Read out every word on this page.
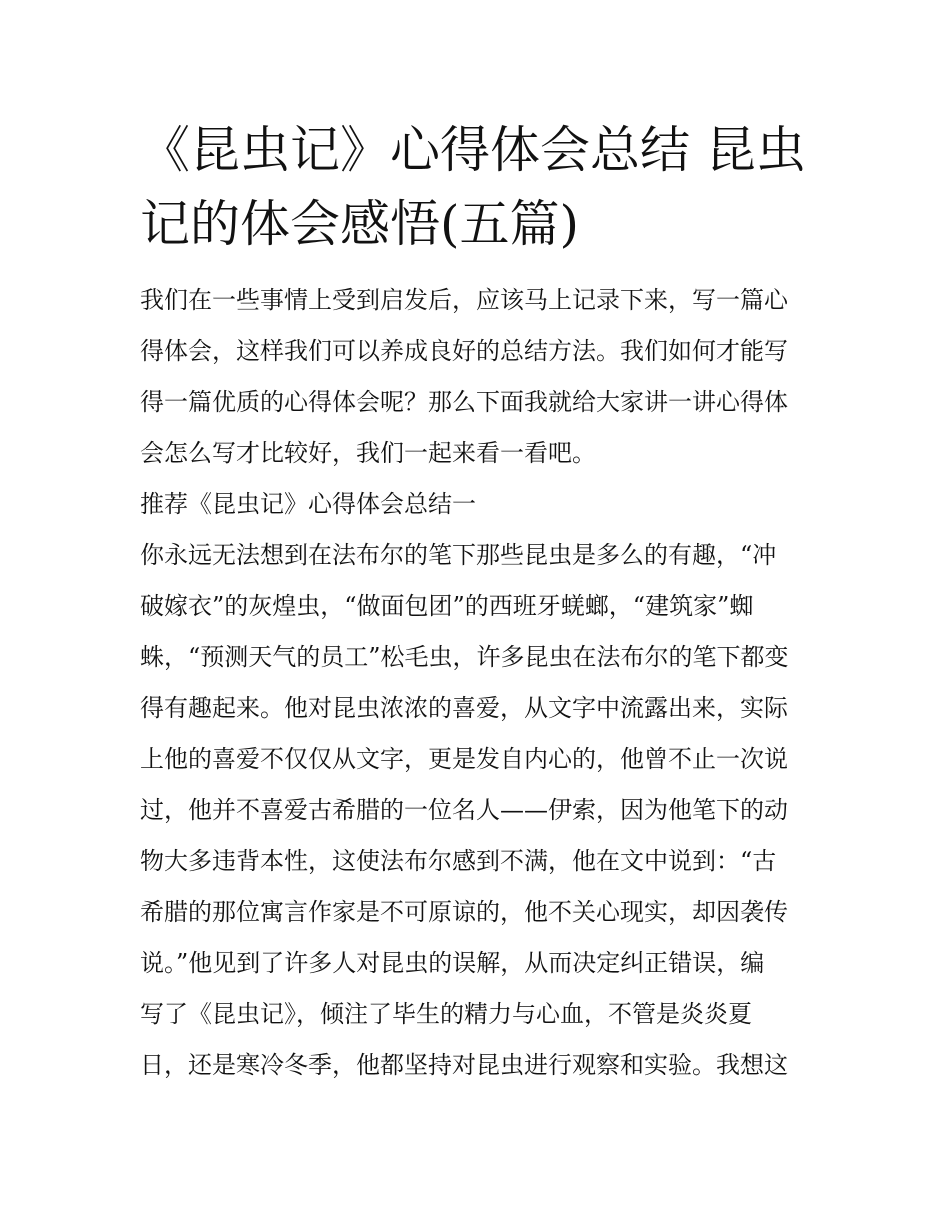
《昆虫记》心得体会总结 昆虫记的体会感悟(五篇)

我们在一些事情上受到启发后，应该马上记录下来，写一篇心

得体会，这样我们可以养成良好的总结方法。我们如何才能写

得一篇优质的心得体会呢？那么下面我就给大家讲一讲心得体

会怎么写才比较好，我们一起来看一看吧。

推荐《昆虫记》心得体会总结一

你永远无法想到在法布尔的笔下那些昆虫是多么的有趣，“冲

破嫁衣”的灰煌虫，“做面包团”的西班牙蜣螂，“建筑家”蜘

蛛，“预测天气的员工”松毛虫，许多昆虫在法布尔的笔下都变

得有趣起来。他对昆虫浓浓的喜爱，从文字中流露出来，实际

上他的喜爱不仅仅从文字，更是发自内心的，他曾不止一次说

过，他并不喜爱古希腊的一位名人——伊索，因为他笔下的动

物大多违背本性，这使法布尔感到不满，他在文中说到：“古

希腊的那位寓言作家是不可原谅的，他不关心现实，却因袭传

说。”他见到了许多人对昆虫的误解，从而决定纠正错误，编

写了《昆虫记》，倾注了毕生的精力与心血，不管是炎炎夏

日，还是寒冷冬季，他都坚持对昆虫进行观察和实验。我想这
